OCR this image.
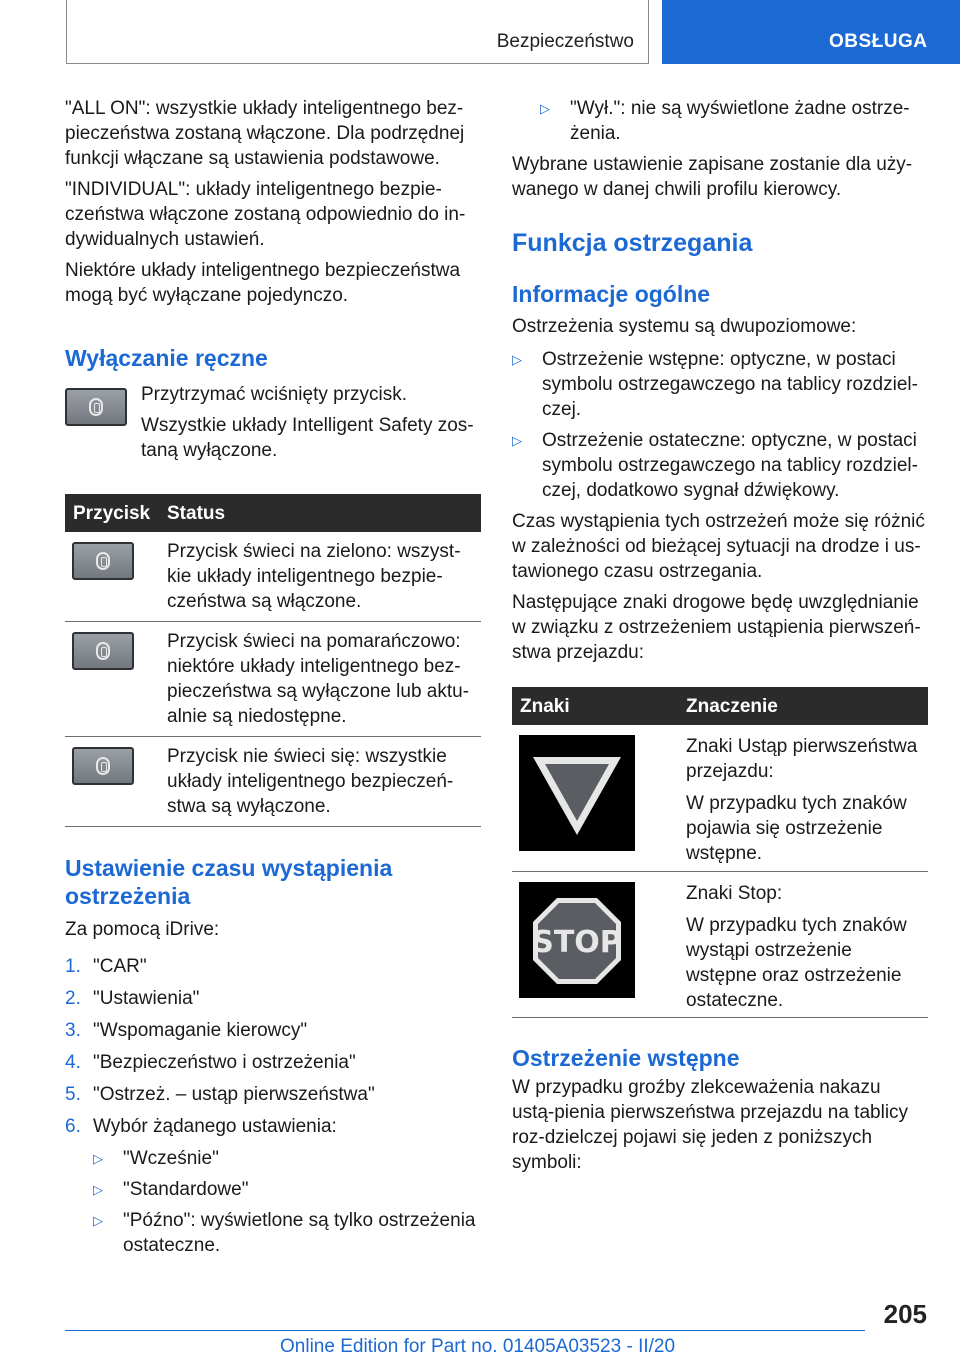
Bezpieczeństwo	OBSŁUGA

"ALL ON": wszystkie układy inteligentnego bez-pieczeństwa zostaną włączone. Dla podrzędnej funkcji włączane są ustawienia podstawowe.

"INDIVIDUAL": układy inteligentnego bezpie-czeństwa włączone zostaną odpowiednio do in-dywidualnych ustawień.

Niektóre układy inteligentnego bezpieczeństwa mogą być wyłączane pojedynczo.

Wyłączanie ręczne
Przytrzymać wciśnięty przycisk.
Wszystkie układy Intelligent Safety zos-taną wyłączone.
Przycisk Status
Przycisk świeci na zielono: wszyst-kie układy inteligentnego bezpie-czeństwa są włączone.
Przycisk świeci na pomarańczowo: niektóre układy inteligentnego bez-pieczeństwa są wyłączone lub aktu-alnie są niedostępne.
Przycisk nie świeci się: wszystkie układy inteligentnego bezpieczeń-stwa są wyłączone.
Ustawienie czasu wystąpienia ostrzeżenia

Za pomocą iDrive:

1. "CAR"
2. "Ustawienia"
3. "Wspomaganie kierowcy"
4. "Bezpieczeństwo i ostrzeżenia"
5. "Ostrzeż. – ustąp pierwszeństwa"
6. Wybór żądanego ustawienia:
▷ "Wcześnie"
▷ "Standardowe"
▷ "Późno": wyświetlone są tylko ostrzeżenia ostateczne.
▷ "Wył.": nie są wyświetlone żadne ostrze-żenia.

Wybrane ustawienie zapisane zostanie dla uży-wanego w danej chwili profilu kierowcy.

Funkcja ostrzegania
Informacje ogólne

Ostrzeżenia systemu są dwupoziomowe:

▷ Ostrzeżenie wstępne: optyczne, w postaci symbolu ostrzegawczego na tablicy rozdziel-czej.
▷ Ostrzeżenie ostateczne: optyczne, w postaci symbolu ostrzegawczego na tablicy rozdziel-czej, dodatkowo sygnał dźwiękowy.

Czas wystąpienia tych ostrzeżeń może się różnić w zależności od bieżącej sytuacji na drodze i us-tawionego czasu ostrzegania.

Następujące znaki drogowe będę uwzględnianie w związku z ostrzeżeniem ustąpienia pierwszeń-stwa przejazdu:

Znaki	Znaczenie
Znaki Ustąp pierwszeństwa przejazdu:
W przypadku tych znaków pojawia się ostrzeżenie wstępne.
STOP
Znaki Stop:
W przypadku tych znaków wystąpi ostrzeżenie wstępne oraz ostrzeżenie ostateczne.
Ostrzeżenie wstępne

W przypadku groźby zlekceważenia nakazu ustą-pienia pierwszeństwa przejazdu na tablicy roz-dzielczej pojawi się jeden z poniższych symboli:

205
Online Edition for Part no. 01405A03523 - II/20
